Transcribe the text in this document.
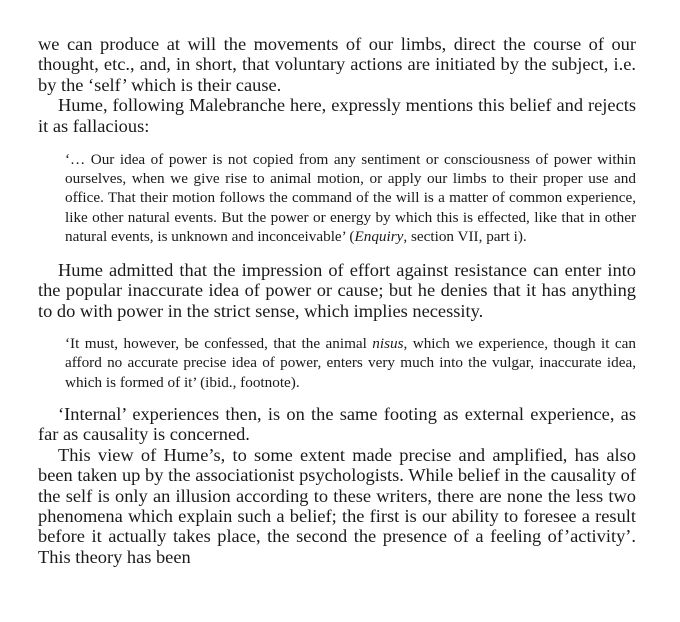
we can produce at will the movements of our limbs, direct the course of our thought, etc., and, in short, that voluntary actions are initiated by the subject, i.e. by the ‘self’ which is their cause.

Hume, following Malebranche here, expressly mentions this belief and rejects it as fallacious:

‘… Our idea of power is not copied from any sentiment or consciousness of power within ourselves, when we give rise to animal motion, or apply our limbs to their proper use and office. That their motion follows the command of the will is a matter of common experience, like other natural events. But the power or energy by which this is effected, like that in other natural events, is unknown and inconceivable’ (Enquiry, section VII, part i).

Hume admitted that the impression of effort against resistance can enter into the popular inaccurate idea of power or cause; but he denies that it has anything to do with power in the strict sense, which implies necessity.

‘It must, however, be confessed, that the animal nisus, which we experience, though it can afford no accurate precise idea of power, enters very much into the vulgar, inaccurate idea, which is formed of it’ (ibid., footnote).

‘Internal’ experiences then, is on the same footing as external experience, as far as causality is concerned.

This view of Hume’s, to some extent made precise and amplified, has also been taken up by the associationist psychologists. While belief in the causality of the self is only an illusion according to these writers, there are none the less two phenomena which explain such a belief; the first is our ability to foresee a result before it actually takes place, the second the presence of a feeling of’activity’. This theory has been
